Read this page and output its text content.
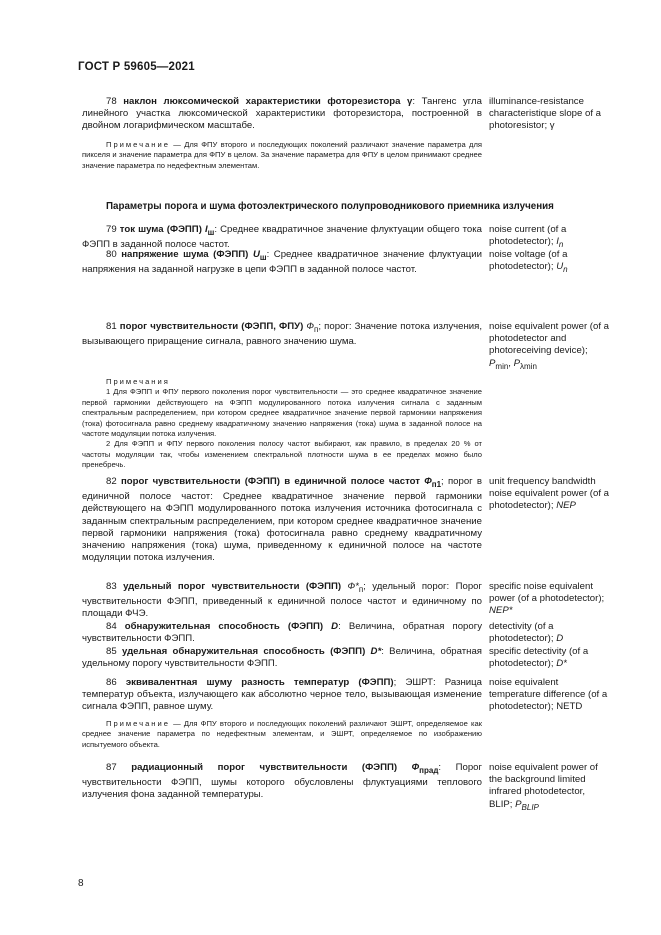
ГОСТ Р 59605—2021

78 наклон люксомической характеристики фоторезистора γ: Тангенс угла линейного участка люксомической характеристики фоторезистора, построенной в двойном логарифмическом масштабе.

illuminance-resistance characteristique slope of a photoresistor; γ

Примечание — Для ФПУ второго и последующих поколений различают значение параметра для пикселя и значение параметра для ФПУ в целом. За значение параметра для ФПУ в целом принимают среднее значение параметра по недефектным элементам.

Параметры порога и шума фотоэлектрического полупроводникового приемника излучения

79 ток шума (ФЭПП) $I_ш$: Среднее квадратичное значение флуктуации общего тока ФЭПП в заданной полосе частот.

noise current (of a photodetector); $I_n$

80 напряжение шума (ФЭПП) $U_ш$: Среднее квадратичное значение флуктуации напряжения на заданной нагрузке в цепи ФЭПП в заданной полосе частот.

noise voltage (of a photodetector); $U_n$

81 порог чувствительности (ФЭПП, ФПУ) $Ф_п$; порог: Значение потока излучения, вызывающего приращение сигнала, равного значению шума.

noise equivalent power (of a photodetector and photoreceiving device); $P_{min}$, $P_{\lambda min}$

Примечания

1 Для ФЭПП и ФПУ первого поколения порог чувствительности — это среднее квадратичное значение первой гармоники действующего на ФЭПП модулированного потока излучения сигнала с заданным спектральным распределением, при котором среднее квадратичное значение первой гармоники напряжения (тока) фотосигнала равно среднему квадратичному значению напряжения (тока) шума в заданной полосе на частоте модуляции потока излучения.

2 Для ФЭПП и ФПУ первого поколения полосу частот выбирают, как правило, в пределах 20 % от частоты модуляции так, чтобы изменением спектральной плотности шума в ее пределах можно было пренебречь.

82 порог чувствительности (ФЭПП) в единичной полосе частот $Ф_{п1}$; порог в единичной полосе частот: Среднее квадратичное значение первой гармоники действующего на ФЭПП модулированного потока излучения источника фотосигнала с заданным спектральным распределением, при котором среднее квадратичное значение первой гармоники напряжения (тока) фотосигнала равно среднему квадратичному значению напряжения (тока) шума, приведенному к единичной полосе на частоте модуляции потока излучения.

unit frequency bandwidth noise equivalent power (of a photodetector); NEP

83 удельный порог чувствительности (ФЭПП) $Ф*_п$; удельный порог: Порог чувствительности ФЭПП, приведенный к единичной полосе частот и единичному по площади ФЧЭ.

specific noise equivalent power (of a photodetector); NEP*

84 обнаружительная способность (ФЭПП) D: Величина, обратная порогу чувствительности ФЭПП.

detectivity (of a photodetector); D

85 удельная обнаружительная способность (ФЭПП) D*: Величина, обратная удельному порогу чувствительности ФЭПП.

specific detectivity (of a photodetector); D*

86 эквивалентная шуму разность температур (ФЭПП); ЭШРТ: Разница температур объекта, излучающего как абсолютно черное тело, вызывающая изменение сигнала ФЭПП, равное шуму.

noise equivalent temperature difference (of a photodetector); NETD

Примечание — Для ФПУ второго и последующих поколений различают ЭШРТ, определяемое как среднее значение параметра по недефектным элементам, и ЭШРТ, определяемое по изображению испытуемого объекта.

87 радиационный порог чувствительности (ФЭПП) $Ф_{прад}$: Порог чувствительности ФЭПП, шумы которого обусловлены флуктуациями теплового излучения фона заданной температуры.

noise equivalent power of the background limited infrared photodetector, BLIP; $P_{BLIP}$
8
